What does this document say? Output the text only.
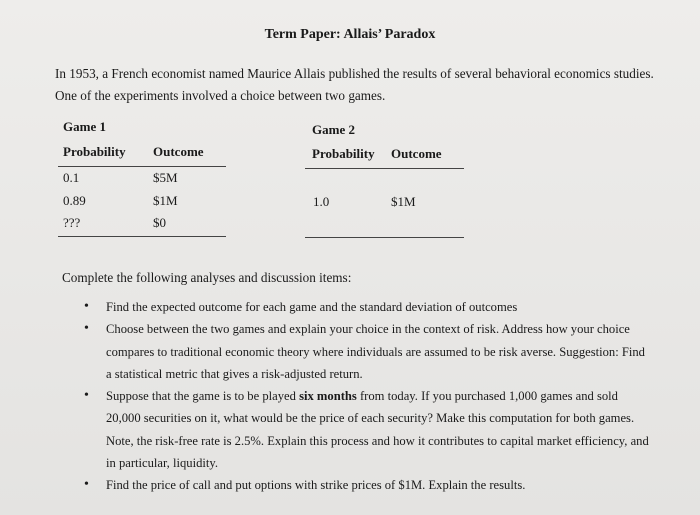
Term Paper: Allais’ Paradox
In 1953, a French economist named Maurice Allais published the results of several behavioral economics studies. One of the experiments involved a choice between two games.
Game 1
Probability Outcome
0.1	$5M
0.89	$1M
???	$0
Game 2
Probability Outcome
1.0	$1M
Complete the following analyses and discussion items:
• Find the expected outcome for each game and the standard deviation of outcomes
• Choose between the two games and explain your choice in the context of risk. Address how your choice compares to traditional economic theory where individuals are assumed to be risk averse. Suggestion: Find a statistical metric that gives a risk-adjusted return.
• Suppose that the game is to be played six months from today. If you purchased 1,000 games and sold 20,000 securities on it, what would be the price of each security? Make this computation for both games. Note, the risk-free rate is 2.5%. Explain this process and how it contributes to capital market efficiency, and in particular, liquidity.
• Find the price of call and put options with strike prices of $1M. Explain the results.
